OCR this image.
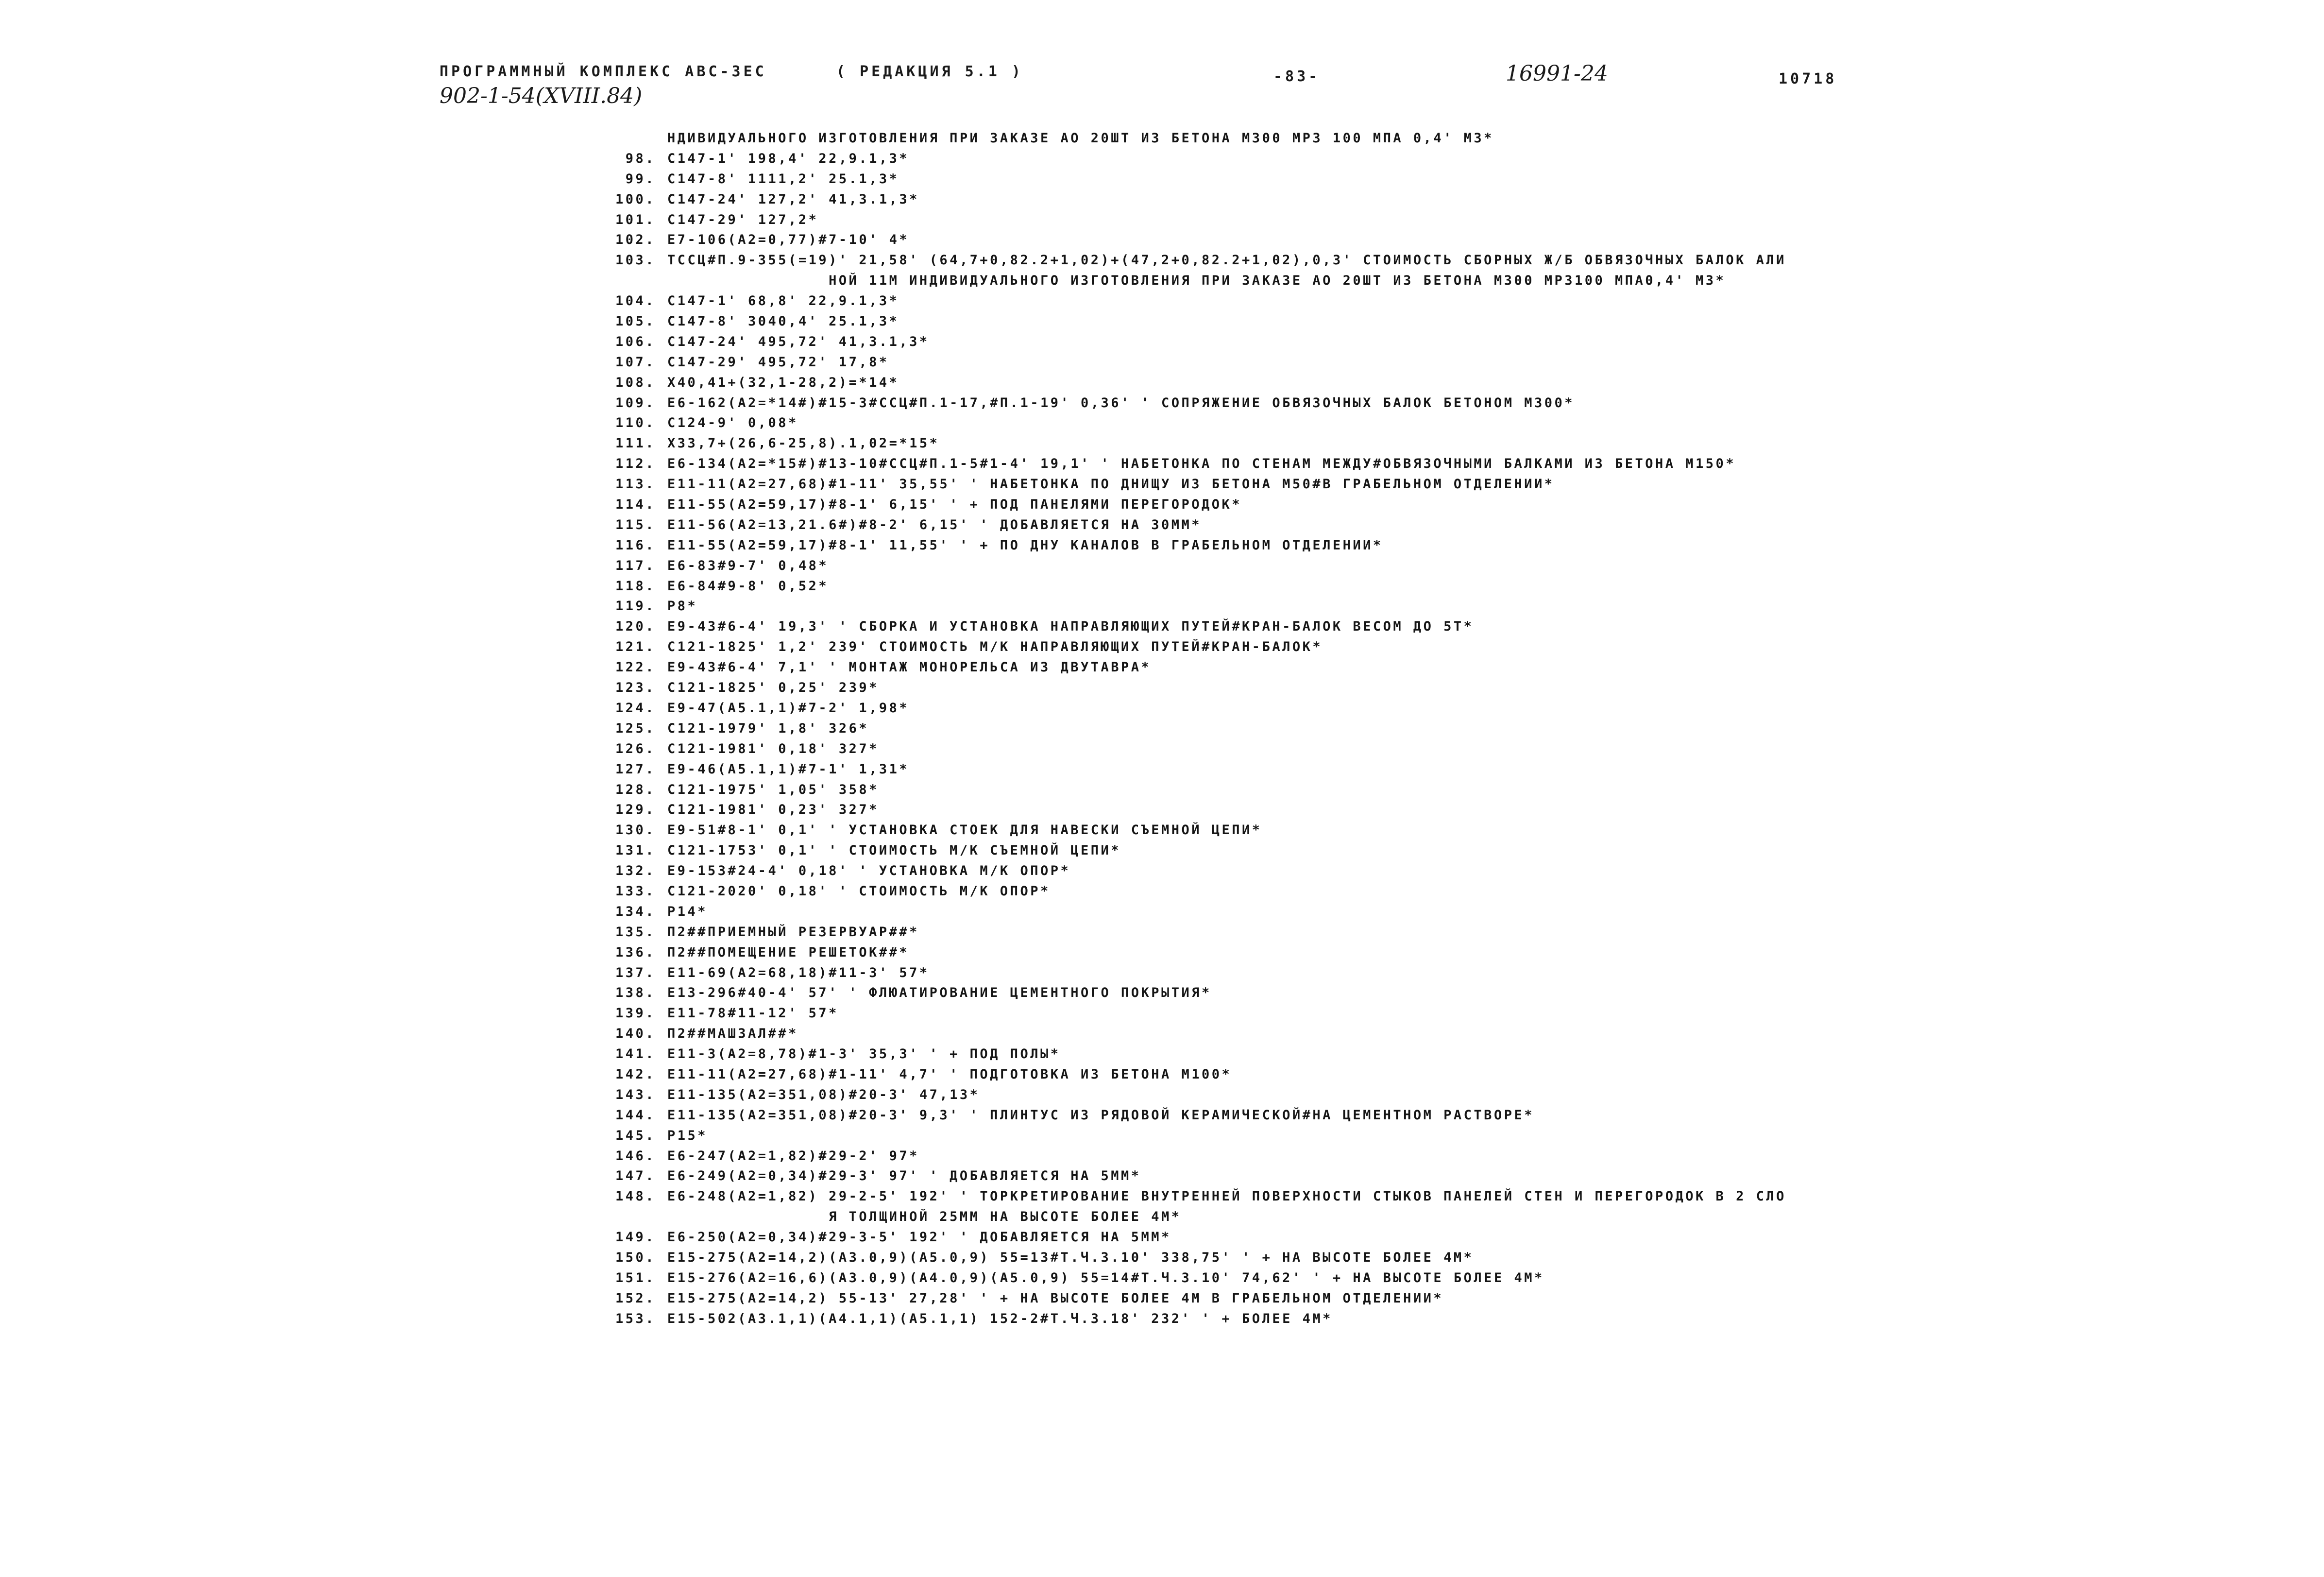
ПРОГРАММНЫЙ КОМПЛЕКС АВС-3ЕС	( РЕДАКЦИЯ 5.1 )	-83-	16991-24	10718
902-1-54(XVIII.84)
НДИВИДУАЛЬНОГО ИЗГОТОВЛЕНИЯ ПРИ ЗАКАЗЕ АО 20ШТ ИЗ БЕТОНА М300 МРЗ 100 МПА 0,4' М3*
98. С147-1' 198,4' 22,9.1,3*
99. С147-8' 1111,2' 25.1,3*
100. С147-24' 127,2' 41,3.1,3*
101. С147-29' 127,2*
102. Е7-106(А2=0,77)#7-10' 4*
103. ТССЦ#П.9-355(=19)' 21,58' (64,7+0,82.2+1,02)+(47,2+0,82.2+1,02),0,3' СТОИМОСТЬ СБОРНЫХ Ж/Б ОБВЯЗОЧНЫХ БАЛОК АЛИ
НОЙ 11М ИНДИВИДУАЛЬНОГО ИЗГОТОВЛЕНИЯ ПРИ ЗАКАЗЕ АО 20ШТ ИЗ БЕТОНА М300 МРЗ100 МПА0,4' М3*
104. С147-1' 68,8' 22,9.1,3*
105. С147-8' 3040,4' 25.1,3*
106. С147-24' 495,72' 41,3.1,3*
107. С147-29' 495,72' 17,8*
108. Х40,41+(32,1-28,2)=*14*
109. Е6-162(А2=*14#)#15-3#ССЦ#П.1-17,#П.1-19' 0,36' ' СОПРЯЖЕНИЕ ОБВЯЗОЧНЫХ БАЛОК БЕТОНОМ М300*
110. С124-9' 0,08*
111. Х33,7+(26,6-25,8).1,02=*15*
112. Е6-134(А2=*15#)#13-10#ССЦ#П.1-5#1-4' 19,1' ' НАБЕТОНКА ПО СТЕНАМ МЕЖДУ#ОБВЯЗОЧНЫМИ БАЛКАМИ ИЗ БЕТОНА М150*
113. Е11-11(А2=27,68)#1-11' 35,55' ' НАБЕТОНКА ПО ДНИЩУ ИЗ БЕТОНА М50#В ГРАБЕЛЬНОМ ОТДЕЛЕНИИ*
114. Е11-55(А2=59,17)#8-1' 6,15' ' + ПОД ПАНЕЛЯМИ ПЕРЕГОРОДОК*
115. Е11-56(А2=13,21.6#)#8-2' 6,15' ' ДОБАВЛЯЕТСЯ НА 30ММ*
116. Е11-55(А2=59,17)#8-1' 11,55' ' + ПО ДНУ КАНАЛОВ В ГРАБЕЛЬНОМ ОТДЕЛЕНИИ*
117. Е6-83#9-7' 0,48*
118. Е6-84#9-8' 0,52*
119. Р8*
120. Е9-43#6-4' 19,3' ' СБОРКА И УСТАНОВКА НАПРАВЛЯЮЩИХ ПУТЕЙ#КРАН-БАЛОК ВЕСОМ ДО 5Т*
121. С121-1825' 1,2' 239' СТОИМОСТЬ М/К НАПРАВЛЯЮЩИХ ПУТЕЙ#КРАН-БАЛОК*
122. Е9-43#6-4' 7,1' ' МОНТАЖ МОНОРЕЛЬСА ИЗ ДВУТАВРА*
123. С121-1825' 0,25' 239*
124. Е9-47(А5.1,1)#7-2' 1,98*
125. С121-1979' 1,8' 326*
126. С121-1981' 0,18' 327*
127. Е9-46(А5.1,1)#7-1' 1,31*
128. С121-1975' 1,05' 358*
129. С121-1981' 0,23' 327*
130. Е9-51#8-1' 0,1' ' УСТАНОВКА СТОЕК ДЛЯ НАВЕСКИ СЪЕМНОЙ ЦЕПИ*
131. С121-1753' 0,1' ' СТОИМОСТЬ М/К СЪЕМНОЙ ЦЕПИ*
132. Е9-153#24-4' 0,18' ' УСТАНОВКА М/К ОПОР*
133. С121-2020' 0,18' ' СТОИМОСТЬ М/К ОПОР*
134. Р14*
135. П2##ПРИЕМНЫЙ РЕЗЕРВУАР##*
136. П2##ПОМЕЩЕНИЕ РЕШЕТОК##*
137. Е11-69(А2=68,18)#11-3' 57*
138. Е13-296#40-4' 57' ' ФЛЮАТИРОВАНИЕ ЦЕМЕНТНОГО ПОКРЫТИЯ*
139. Е11-78#11-12' 57*
140. П2##МАШЗАЛ##*
141. Е11-3(А2=8,78)#1-3' 35,3' ' + ПОД ПОЛЫ*
142. Е11-11(А2=27,68)#1-11' 4,7' ' ПОДГОТОВКА ИЗ БЕТОНА М100*
143. Е11-135(А2=351,08)#20-3' 47,13*
144. Е11-135(А2=351,08)#20-3' 9,3' ' ПЛИНТУС ИЗ РЯДОВОЙ КЕРАМИЧЕСКОЙ#НА ЦЕМЕНТНОМ РАСТВОРЕ*
145. Р15*
146. Е6-247(А2=1,82)#29-2' 97*
147. Е6-249(А2=0,34)#29-3' 97' ' ДОБАВЛЯЕТСЯ НА 5ММ*
148. Е6-248(А2=1,82) 29-2-5' 192' ' ТОРКРЕТИРОВАНИЕ ВНУТРЕННЕЙ ПОВЕРХНОСТИ СТЫКОВ ПАНЕЛЕЙ СТЕН И ПЕРЕГОРОДОК В 2 СЛО
Я ТОЛЩИНОЙ 25ММ НА ВЫСОТЕ БОЛЕЕ 4М*
149. Е6-250(А2=0,34)#29-3-5' 192' ' ДОБАВЛЯЕТСЯ НА 5ММ*
150. Е15-275(А2=14,2)(А3.0,9)(А5.0,9) 55=13#Т.Ч.3.10' 338,75' ' + НА ВЫСОТЕ БОЛЕЕ 4М*
151. Е15-276(А2=16,6)(А3.0,9)(А4.0,9)(А5.0,9) 55=14#Т.Ч.3.10' 74,62' ' + НА ВЫСОТЕ БОЛЕЕ 4М*
152. Е15-275(А2=14,2) 55-13' 27,28' ' + НА ВЫСОТЕ БОЛЕЕ 4М В ГРАБЕЛЬНОМ ОТДЕЛЕНИИ*
153. Е15-502(А3.1,1)(А4.1,1)(А5.1,1) 152-2#Т.Ч.3.18' 232' ' + БОЛЕЕ 4М*
